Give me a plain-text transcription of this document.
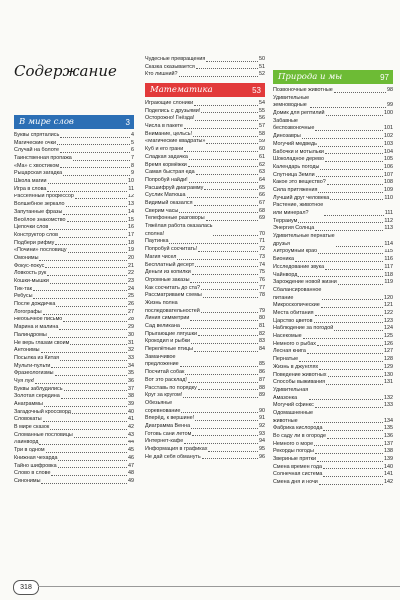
Содержание
В мире слов	3
Буквы спрятались	4
Магические очки	5
Случай на болоте	6
Таинственная пропажа	7
«Ма» с хвостиком	8
Рыцарская загадка	9
Школа магии	10
Игра в слова	11
Рассеянный профессор	12
Волшебное зеркало	13
Запутанные фразы	14
Весёлое знакомство	15
Цепочки слов	16
Конструктор слов	17
Подбери рифму	18
«Почини» пословицу	19
Омонимы	20
Фокус-покус	21
Ловкость рук	22
Кошки-мышки	23
Тик-так	24
Ребусы	25
После дождичка	26
Логографы	27
Необычное письмо	28
Марина и малина	29
Палиндромы	30
Не верь глазам своим	31
Антонимы	32
Посылка из Китая	33
Мульти-пульти	34
Фразеологизмы	35
Чуя лук!	36
Буквы заблудились	37
Золотая середина	38
Анаграммы	39
Загадочный кроссворд	40
Словокаты	41
В мире сказок	42
Сломанные пословицы	43
Лайнворд	44
Три в одном	45
Книжная чехарда	46
Тайно шифровка	47
Слово в слове	48
Синонимы	49
Чудесные превращения	50
Сказка сказывается	51
Кто лишний?	52
Математика	53
Играющие слоники	54
Поделись с друзьями!	55
Осторожно! Гнёзда!	56
Числа в пакете	57
Внимание, цельсь!	58
«Магические квадраты»	59
Куб и его грани	60
Сладкая задачка	61
Время кормёжки	62
Самая быстрая еда	63
Попробуй найди!	64
Расшифруй диаграмму	65
Суслик Матюша	66
Видимый оказался	67
Сверим часы	68
Телефонные разговоры	69
Тяжёлая работа оказалась
сполна!	70
Паутинка	71
Попробуй сосчитать!	72
Магия чисел	73
Бесплатный десерт	74
Деньги из копилки	75
Огромные заказы	76
Как сосчитать до ста?	77
Рассматриваем схемы	78
Жизнь полна
последовательностей	79
Линия симметрии	80
Сад великана	81
Прыгающие лягушки	82
Крокодил и рыбки	83
Перелётные птицы	84
Заманчивое
предложение	85
Посчитай собак	86
Вот это расклад!	87
Расставь по порядку	88
Круг за кругом!	89
Обезьянье
соревнование	90
Вперёд, к вершине!	91
Диаграмма Венна	92
Готовь сани летом	93
Интернет-кафе	94
Информация в графиках	95
Не дай себя обмануть	96
Природа и мы	97
Позвоночные животные	98
Удивительные
земноводные	99
Домик для рептилий	100
Забавные
беспозвоночные	101
Динозавры	102
Могучий медведь	103
Бабочки и мотыльки	104
Шоколадное дерево	105
Календарь погоды	106
Спутница Земли	107
Какое это вещество?	108
Сила притяжения	109
Лучший друг человека	110
Растение, животное
или минерал?	111
Терраиум	112
Энергия Солнца	113
Удивительные пернатые
друзья	114
Хитроумный краб	115
Бионика	116
Исследование звука	117
Чайнворд	118
Зарождение новой жизни	119
Сбалансированное
питание	120
Микроскопические	121
Места обитания	122
Царство цветов	123
Наблюдение за погодой	124
Насекомые	125
Немного о рыбах	126
Лесная книга	127
Пернатые	128
Жизнь в джунглях	129
Поведение животных	130
Способы выживания	131
Удивительная
Амазонка	132
Могучий сфинкс	133
Одомашненные
животные	134
Фабрика кислорода	135
Во саду ли в огороде	136
Немного о море	137
Рекорды погоды	138
Звериные прятки	139
Смена времен года	140
Солнечная система	141
Смена дня и ночи	142
318
